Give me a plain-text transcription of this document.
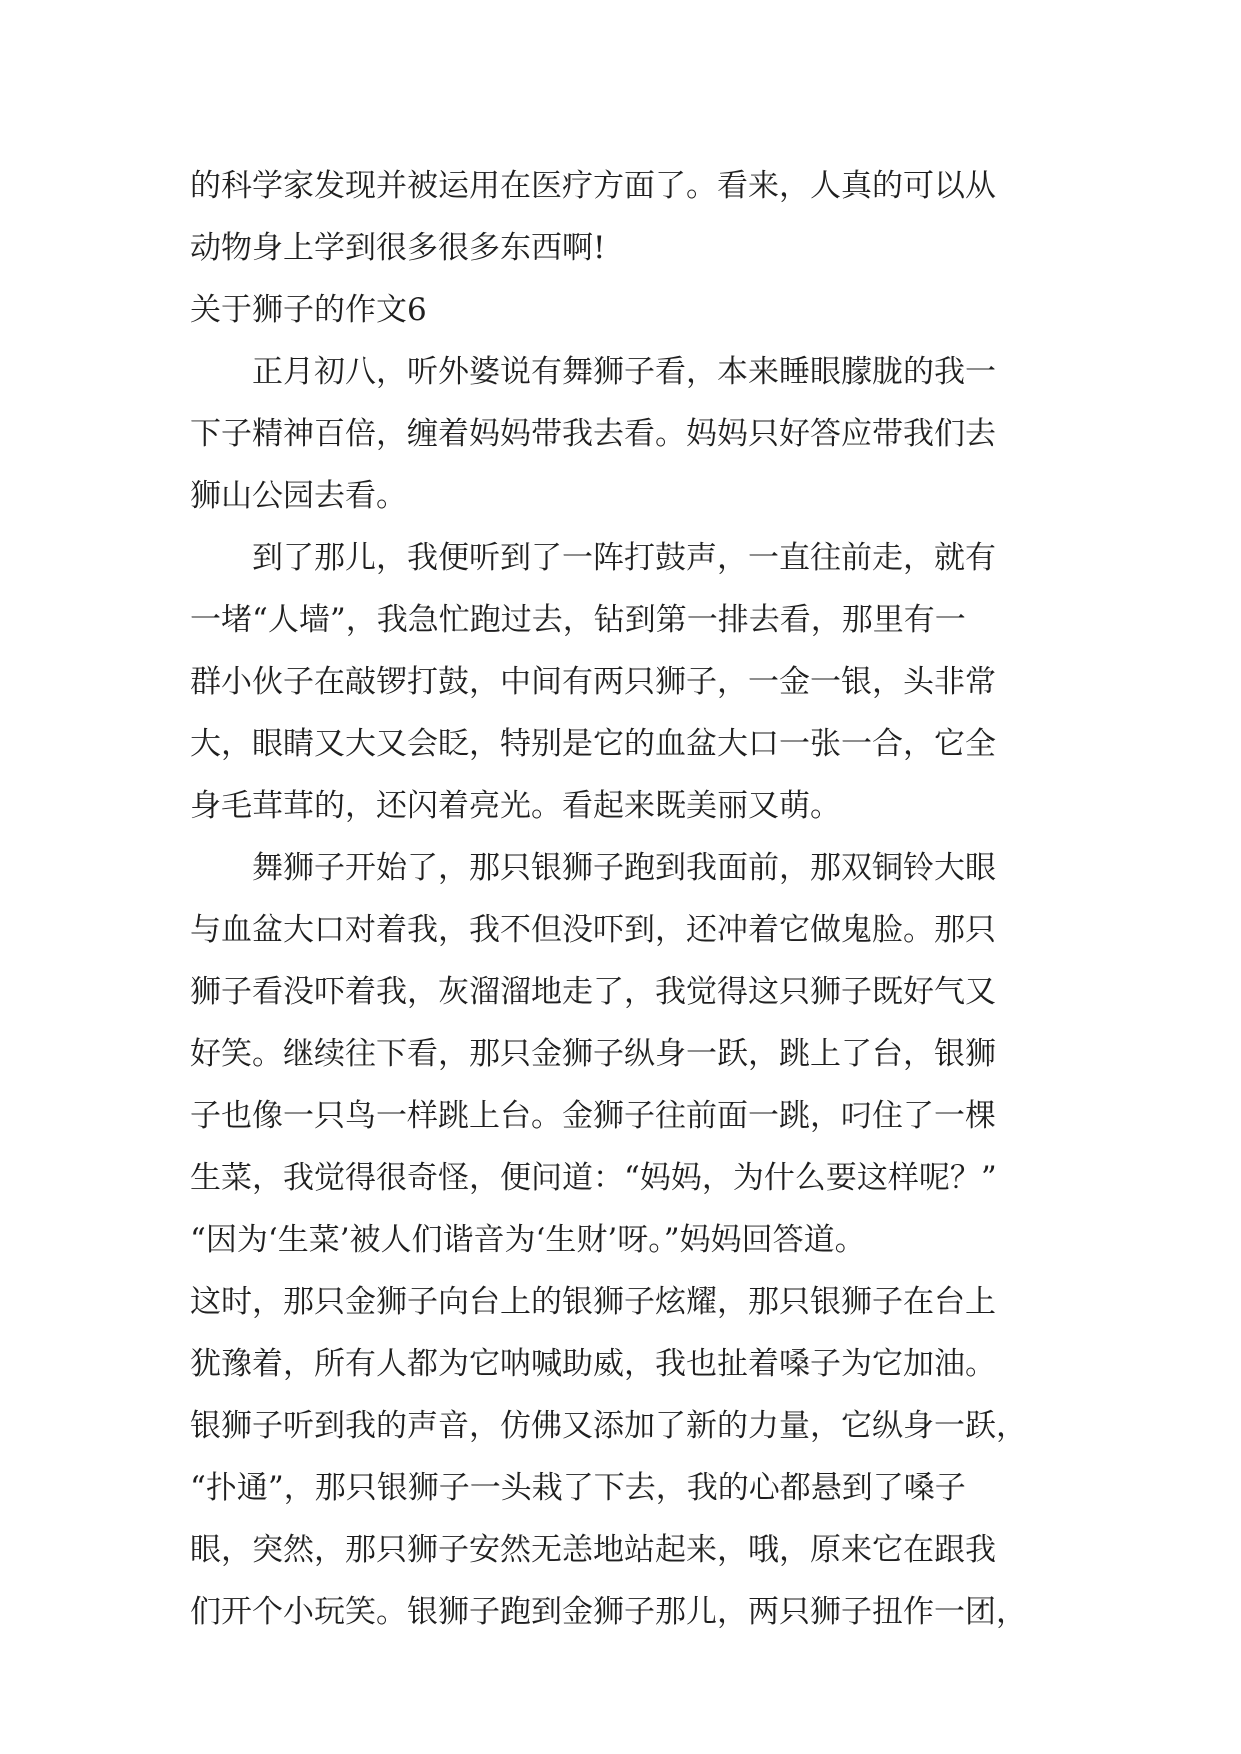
的科学家发现并被运用在医疗方面了。看来，人真的可以从
动物身上学到很多很多东西啊!
关于狮子的作文6
正月初八，听外婆说有舞狮子看，本来睡眼朦胧的我一
下子精神百倍，缠着妈妈带我去看。妈妈只好答应带我们去
狮山公园去看。
到了那儿，我便听到了一阵打鼓声，一直往前走，就有
一堵“人墙”，我急忙跑过去，钻到第一排去看，那里有一
群小伙子在敲锣打鼓，中间有两只狮子，一金一银，头非常
大，眼睛又大又会眨，特别是它的血盆大口一张一合，它全
身毛茸茸的，还闪着亮光。看起来既美丽又萌。
舞狮子开始了，那只银狮子跑到我面前，那双铜铃大眼
与血盆大口对着我，我不但没吓到，还冲着它做鬼脸。那只
狮子看没吓着我，灰溜溜地走了，我觉得这只狮子既好气又
好笑。继续往下看，那只金狮子纵身一跃，跳上了台，银狮
子也像一只鸟一样跳上台。金狮子往前面一跳，叼住了一棵
生菜，我觉得很奇怪，便问道：“妈妈，为什么要这样呢？”
“因为‘生菜’被人们谐音为‘生财’呀。”妈妈回答道。
这时，那只金狮子向台上的银狮子炫耀，那只银狮子在台上
犹豫着，所有人都为它呐喊助威，我也扯着嗓子为它加油。
银狮子听到我的声音，仿佛又添加了新的力量，它纵身一跃，
“扑通”，那只银狮子一头栽了下去，我的心都悬到了嗓子
眼，突然，那只狮子安然无恙地站起来，哦，原来它在跟我
们开个小玩笑。银狮子跑到金狮子那儿，两只狮子扭作一团，
